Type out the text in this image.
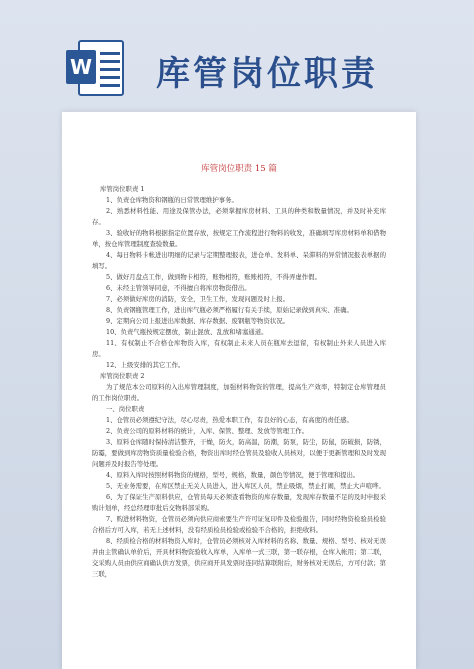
W 库管岗位职责
库管岗位职责 15 篇
库管岗位职责 1
1、负责仓库物资和钢瓶的日常管理维护事务。
2、熟悉材料性能、用途及保管办法，必须掌握库房材料、工具的种类和数量情况，并及时补充库存。
3、验收好的物料根据指定位置存放，按规定工作流程进行物料的收发，准确填写库房材料单和借物单，按仓库管理制度查验数量。
4、每日物料卡帐进出明细的记录与定期整理报表，进仓单、发料单、呆滞料的异常情况报表单据的填写。
5、做好月盘点工作，做到物卡相符，账物相符，账账相符，不得弄虚作假。
6、未经主管领导同意，不得擅自将库房物资借出。
7、必须做好库房的消防，安全，卫生工作，发现问题及时上报。
8、负责钢瓶管理工作，进出库气瓶必须严格履行有关手续，原始记录做到真实、准确。
9、定期向公司上报进出库数据、库存数据、废钢瓶等物资状况。
10、负责气瓶按规定摆放，制止混放、乱放和堵塞通道。
11、有权制止不合格仓库物资入库，有权制止未来人员在瓶库去逗留，有权制止外来人员进入库房。
12、上级安排的其它工作。
库管岗位职责 2
为了规范本公司原料的入出库管理制度，加强材料物资的管理，提高生产效率，特制定仓库管理员的工作岗位职责。
一、岗位职责
1、仓管员必须遵纪守法，尽心尽责，热爱本职工作，有良好的心态，有高度的责任感。
2、负责公司的原料材料的统计，入库、保管、整理、发放等管理工作。
3、原料仓库随时保持清洁整齐，干燥，防火，防高温，防潮，防泵，防尘，防鼠，防破损，防锈，防霉，要做到库房物资质量检验合格，物资出库时经仓管员及验收人员核对，以便于更新管理和及时发现问题并及时报告等处理。
4、原料入库时按照材料物资的规格，型号，规格，数量，颜色等情况，便于管理和提出。
5、无业务需要，在库区禁止无关人员进入，进入库区人员，禁止吸烟，禁止打闹，禁止大声喧哗。
6、为了保证生产原料供应，仓管员每天必须查看物资的库存数量，发现库存数量不足的及时申报采购计划单，经总经理审批后交物料部采购。
7、购进材料物资，仓管员必须向供应商索要生产许可证复印件及检验报告，同时经物资检验员检验合格后方可入库，若无上述材料，没有经质检员检验或检验不合格的，拒绝收料。
8、经质检合格的材料物资入库时，仓管员必须核对入库材料的名称、数量、规格、型号、核对无误并由主管确认单价后，开具材料物资验收入库单，入库单一式三联，第一联存根，仓库入帐用；第二联，交采购人员由供应商确认供方发票，供应商开具发票时连同结算联附后，财务核对无误后，方可付款；第三联，
